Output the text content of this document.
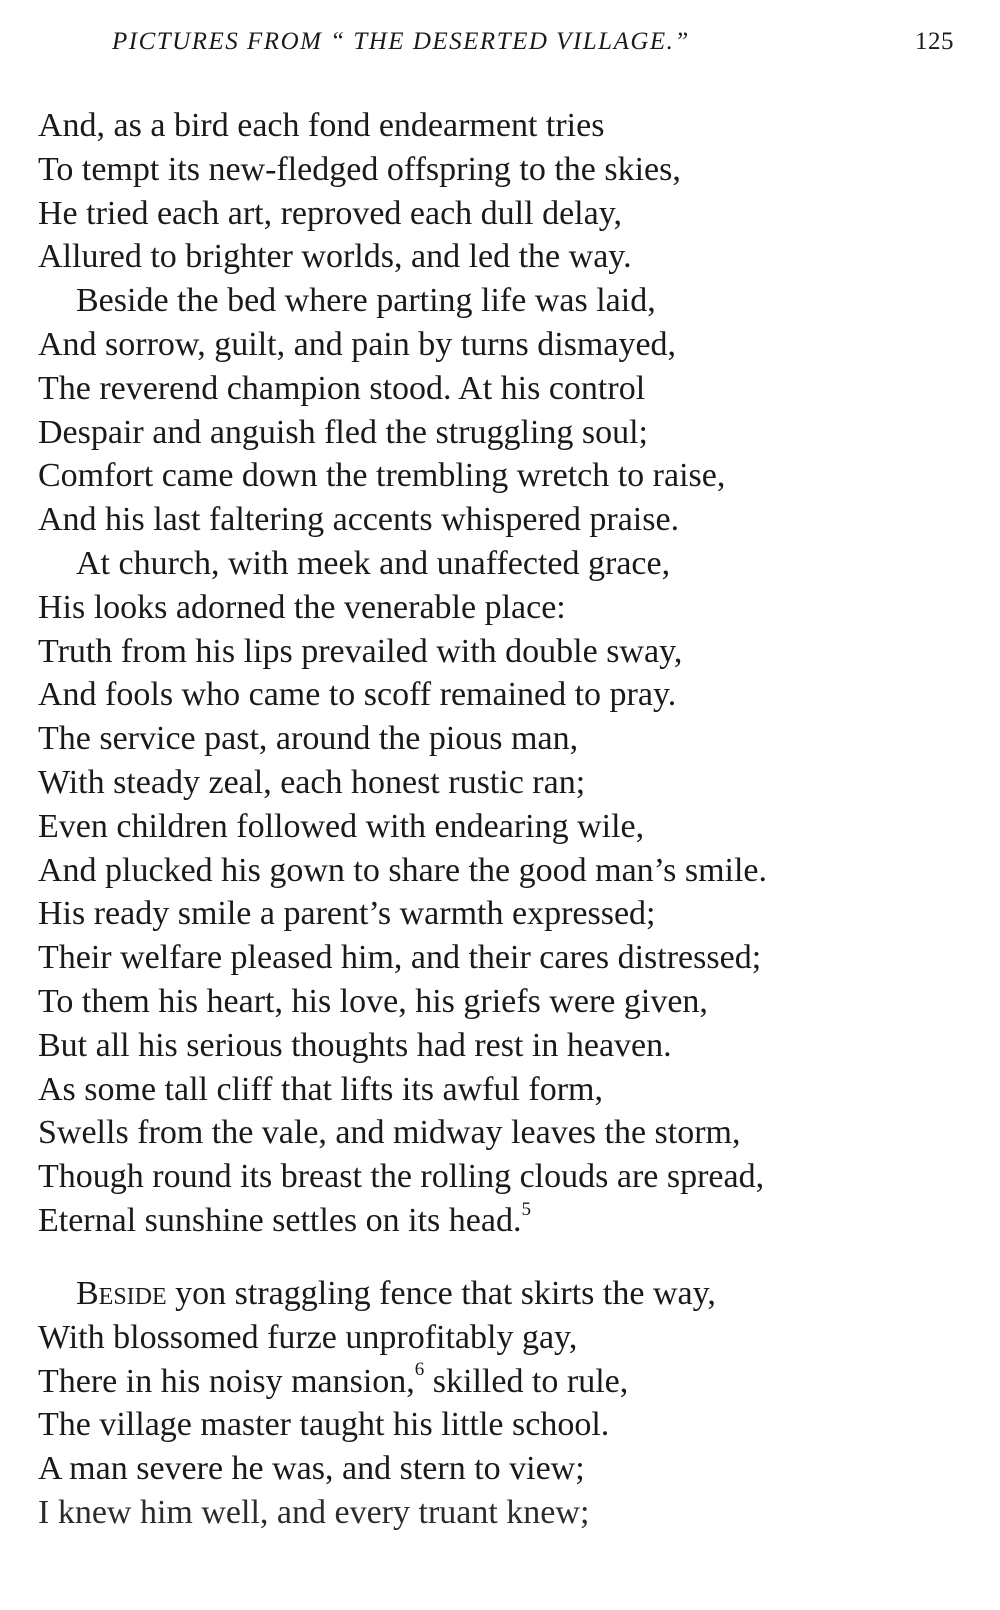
PICTURES FROM “ THE DESERTED VILLAGE.”	125
And, as a bird each fond endearment tries
To tempt its new-fledged offspring to the skies,
He tried each art, reproved each dull delay,
Allured to brighter worlds, and led the way.
Beside the bed where parting life was laid,
And sorrow, guilt, and pain by turns dismayed,
The reverend champion stood. At his control
Despair and anguish fled the struggling soul;
Comfort came down the trembling wretch to raise,
And his last faltering accents whispered praise.
At church, with meek and unaffected grace,
His looks adorned the venerable place:
Truth from his lips prevailed with double sway,
And fools who came to scoff remained to pray.
The service past, around the pious man,
With steady zeal, each honest rustic ran;
Even children followed with endearing wile,
And plucked his gown to share the good man’s smile.
His ready smile a parent’s warmth expressed;
Their welfare pleased him, and their cares distressed;
To them his heart, his love, his griefs were given,
But all his serious thoughts had rest in heaven.
As some tall cliff that lifts its awful form,
Swells from the vale, and midway leaves the storm,
Though round its breast the rolling clouds are spread,
Eternal sunshine settles on its head.$^5$
Beside yon straggling fence that skirts the way,
With blossomed furze unprofitably gay,
There in his noisy mansion,$^6$ skilled to rule,
The village master taught his little school.
A man severe he was, and stern to view;
I knew him well, and every truant knew;
